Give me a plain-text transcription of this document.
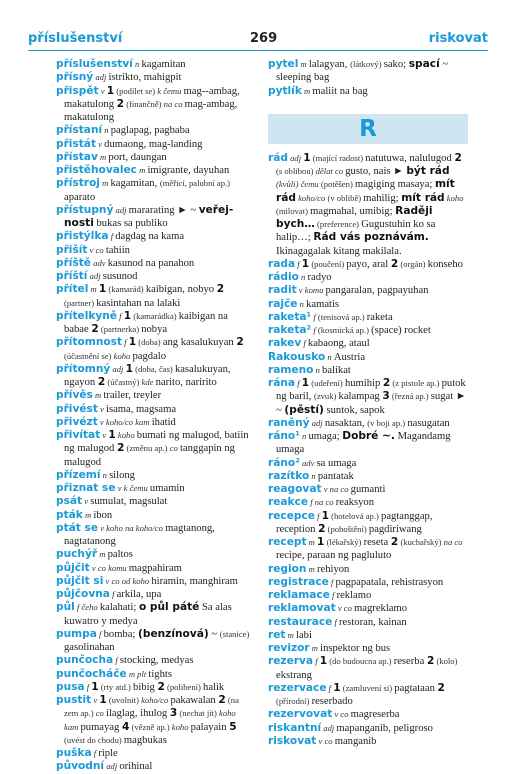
příslušenství	269	riskovat

příslušenství n kagamitan

přísný adj istrikto, mahigpit

přispět v 1 (podílet se) k čemu mag--ambag, makatulong 2 (finančně) na co mag-ambag, makatulong

přístaní n paglapag, pagbaba

přistát v dumaong, mag-landing

přístav m port, daungan

přistěhovalec m imigrante, dayuhan

přístroj m kagamitan, (měřicí, palubní ap.) aparato

přístupný adj mararating ► ~ veřej-nosti bukas sa publiko

přistýlka f dagdag na kama

přišít v co tahiin

příště adv kasunod na panahon

příští adj susunod

přítel m 1 (kamarád) kaibigan, nobyo 2 (partner) kasintahan na lalaki

přítelkyně f 1 (kamarádka) kaibigan na babae 2 (partnerka) nobya

přítomnost f 1 (doba) ang kasalukuyan 2 (účastnění se) koho pagdalo

přítomný adj 1 (doba, čas) kasalukuyan, ngayon 2 (účastný) kde narito, naririto

přívěs m trailer, treyler

přivést v isama, magsama

přivézt v koho/co kam ihatid

přivítat v 1 koho bumati ng malugod, batiin ng malugod 2 (změnu ap.) co tanggapin ng malugod

přízemí n silong

přiznat se v k čemu umamin

psát v sumulat, magsulat

pták m ibon

ptát se v koho na koho/co magtanong, nagtatanong

puchýř m paltos

půjčit v co komu magpahiram

půjčit si v co od koho hiramin, manghiram

půjčovna f arkila, upa

půl f čeho kalahati; o půl páté Sa alas kuwatro y medya

pumpa f bomba; (benzínová) ~ (stanice) gasolinahan

punčocha f stocking, medyas

punčocháče m plt tights

pusa f 1 (rty atd.) bibig 2 (polibení) halik

pustit v 1 (uvolnit) koho/co pakawalan 2 (na zem ap.) co ilaglag, ihulog 3 (nechat jít) koho kam pumayag 4 (vězně ap.) koho palayain 5 (uvést do chodu) magbukas

puška f riple

původní adj orihinal

pytel m lalagyan, (látkový) sako; spací ~ sleeping bag

pytlík m maliit na bag

R

rád adj 1 (mající radost) natutuwa, nalulugod 2 (s oblibou) dělat co gusto, nais ► být rád (kvůli) čemu (potěšen) magiging masaya; mít rád koho/co (v oblibě) mahilig; mít rád koho (milovat) magmahal, umibig; Raději bych… (preference) Gugustuhin ko sa halip…; Rád vás poznávám. Ikinagagalak kitang makilala.

rada f 1 (poučení) payo, aral 2 (orgán) konseho

rádio n radyo

radit v komu pangaralan, pagpayuhan

rajče n kamatis

raketa¹ f (tenisová ap.) raketa

raketa² f (kosmická ap.) (space) rocket

rakev f kabaong, ataul

Rakousko n Austria

rameno n balikat

rána f 1 (udeření) humihip 2 (z pistole ap.) putok ng baril, (zvuk) kalampag 3 (řezná ap.) sugat ► ~ (pěstí) suntok, sapok

raněný adj nasaktan, (v boji ap.) nasugatan

ráno¹ n umaga; Dobré ~. Magandamg umaga

ráno² adv sa umaga

razítko n pantatak

reagovat v na co gumanti

reakce f na co reaksyon

recepce f 1 (hotelová ap.) pagtanggap, reception 2 (pohoštění) pagdiriwang

recept m 1 (lékařský) reseta 2 (kuchařský) na co recipe, paraan ng pagluluto

region m rehiyon

registrace f pagpapatala, rehistrasyon

reklamace f reklamo

reklamovat v co magreklamo

restaurace f restoran, kainan

ret m labi

revizor m inspektor ng bus

rezerva f 1 (do budoucna ap.) reserba 2 (kolo) ekstrang

rezervace f 1 (zamluvení si) pagtataan 2 (přírodní) reserbado

rezervovat v co magreserba

riskantní adj mapanganib, peligroso

riskovat v co manganib
